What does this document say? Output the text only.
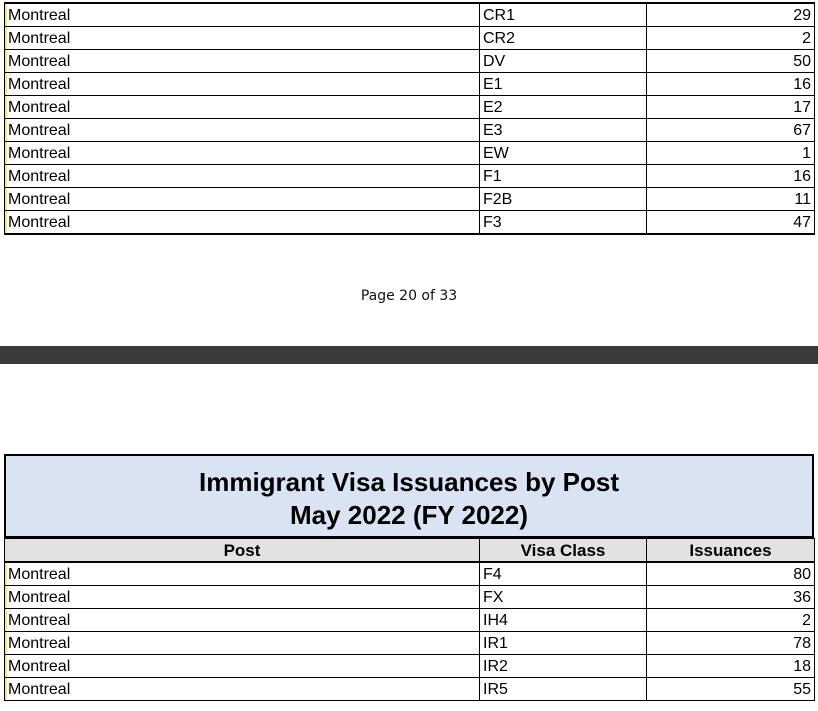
Montreal	CR1	29
Montreal	CR2	2
Montreal	DV	50
Montreal	E1	16
Montreal	E2	17
Montreal	E3	67
Montreal	EW	1
Montreal	F1	16
Montreal	F2B	11
Montreal	F3	47
Page 20 of 33
Immigrant Visa Issuances by Post
May 2022 (FY 2022)
Post	Visa Class	Issuances
Montreal	F4	80
Montreal	FX	36
Montreal	IH4	2
Montreal	IR1	78
Montreal	IR2	18
Montreal	IR5	55
